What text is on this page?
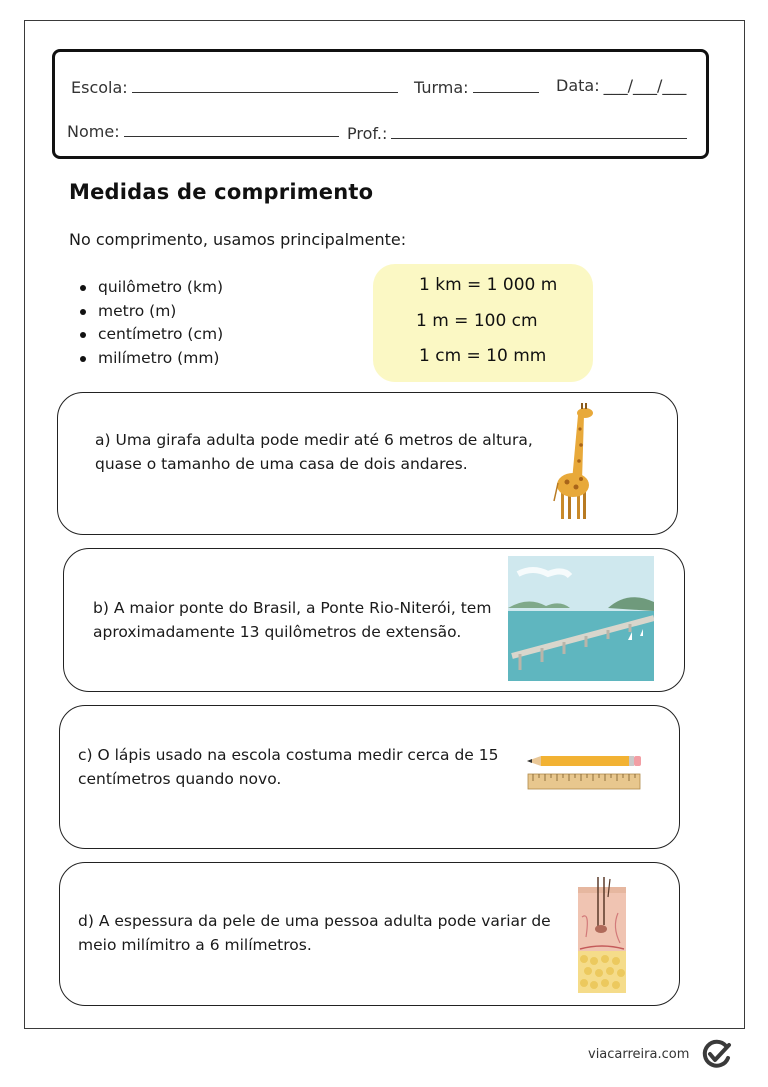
Escola:	Turma:	Data: ___/___/___
Nome:	Prof.:
Medidas de comprimento
No comprimento, usamos principalmente:
quilômetro (km)
metro (m)
centímetro (cm)
milímetro (mm)
1 km = 1 000 m
1 m = 100 cm
1 cm = 10 mm
a) Uma girafa adulta pode medir até 6 metros de altura,
quase o tamanho de uma casa de dois andares.
b) A maior ponte do Brasil, a Ponte Rio-Niterói, tem
aproximadamente 13 quilômetros de extensão.
c) O lápis usado na escola costuma medir cerca de 15
centímetros quando novo.
d) A espessura da pele de uma pessoa adulta pode variar de
meio milímitro a 6 milímetros.
viacarreira.com
